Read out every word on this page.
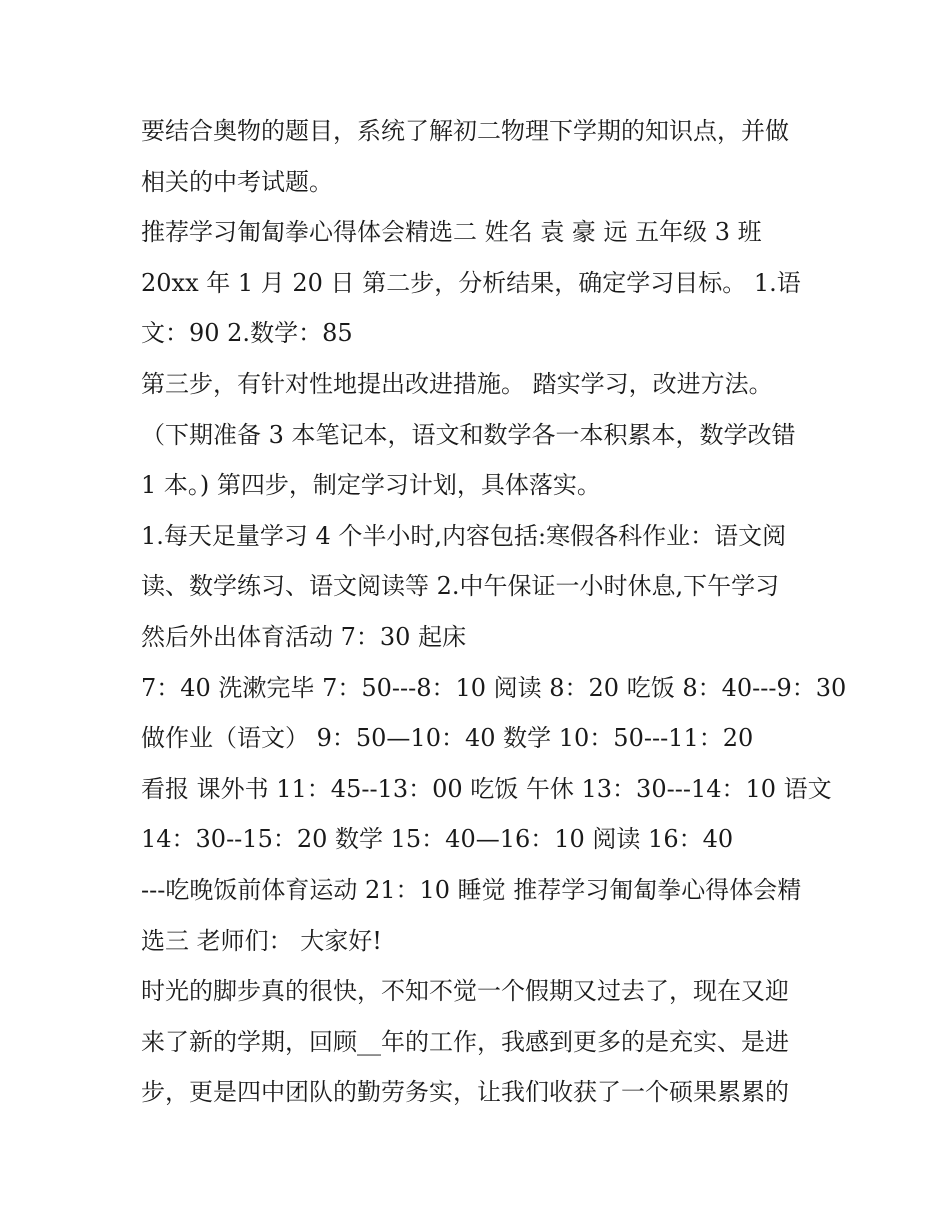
要结合奥物的题目，系统了解初二物理下学期的知识点，并做
相关的中考试题。
推荐学习匍匐拳心得体会精选二 姓名 袁 豪 远 五年级 3 班
20xx 年 1 月 20 日 第二步，分析结果，确定学习目标。 1.语
文：90 2.数学：85
第三步，有针对性地提出改进措施。 踏实学习，改进方法。
（下期准备 3 本笔记本，语文和数学各一本积累本，数学改错
1 本。) 第四步，制定学习计划，具体落实。
1.每天足量学习 4 个半小时,内容包括:寒假各科作业：语文阅
读、数学练习、语文阅读等 2.中午保证一小时休息,下午学习
然后外出体育活动 7：30 起床
7：40 洗漱完毕 7：50---8：10 阅读 8：20 吃饭 8：40---9：30
做作业（语文） 9：50—10：40 数学 10：50---11：20
看报 课外书 11：45--13：00 吃饭 午休 13：30---14：10 语文
14：30--15：20 数学 15：40—16：10 阅读 16：40
---吃晚饭前体育运动 21：10 睡觉 推荐学习匍匐拳心得体会精
选三 老师们： 大家好!
时光的脚步真的很快，不知不觉一个假期又过去了，现在又迎
来了新的学期，回顾__年的工作，我感到更多的是充实、是进
步，更是四中团队的勤劳务实，让我们收获了一个硕果累累的
